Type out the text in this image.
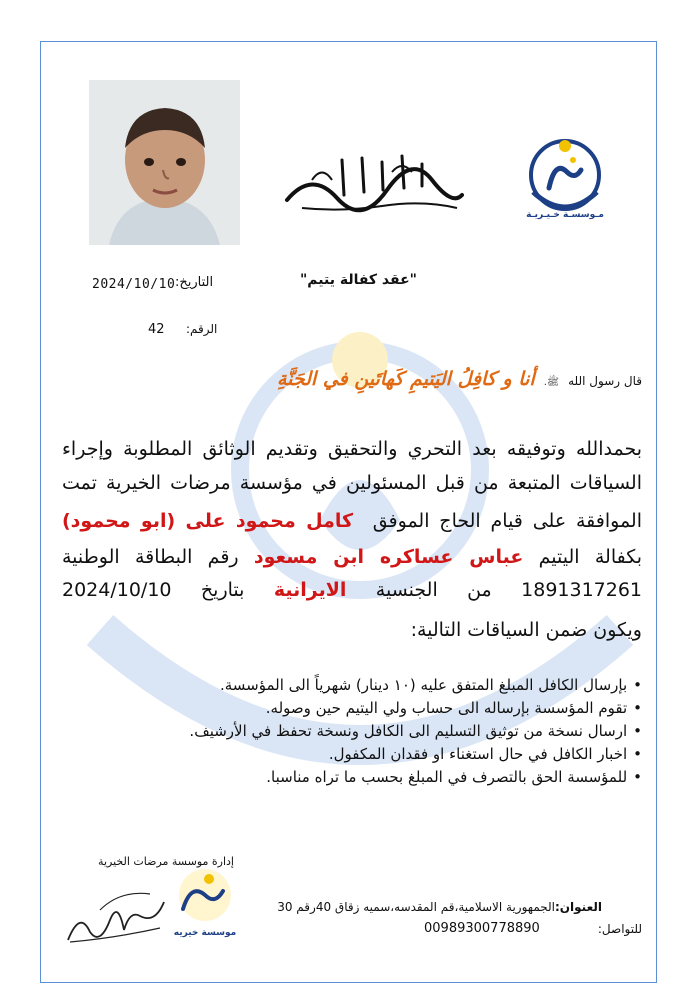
مـوسسـة خـيـريـة
"عقد كفالة يتيم"
التاريخ:
2024/10/10
الرقم:
42
قال رسول الله ﷺ. أنا و كافِلُ اليَتيمِ كَهاتَينِ في الجَنَّةِ
بحمدالله وتوفيقه بعد التحري والتحقيق وتقديم الوثائق المطلوبة وإجراء
السياقات المتبعة من قبل المسئولين في مؤسسة مرضات الخيرية تمت
الموافقة على قيام الحاج الموفق  كامل محمود على (ابو محمود)
بكفالة اليتيم عباس عساكره ابن مسعود رقم البطاقة الوطنية
1891317261 من الجنسية الايرانية بتاريخ 2024/10/10
ويكون ضمن السياقات التالية:
•بإرسال الكافل المبلغ المتفق عليه (١٠ دينار) شهرياً الى المؤسسة.
•تقوم المؤسسة بإرساله الى حساب ولي اليتيم حين وصوله.
•ارسال نسخة من توثيق التسليم الى الكافل ونسخة تحفظ في الأرشيف.
•اخبار الكافل في حال استغناء او فقدان المكفول.
•للمؤسسة الحق بالتصرف في المبلغ بحسب ما تراه مناسبا.
إدارة موسسة مرضات الخيرية
موسسة خيريه
العنوان:
الجمهورية الاسلامية،قم المقدسه،سميه زقاق 40رقم 30
للتواصل:
00989300778890
